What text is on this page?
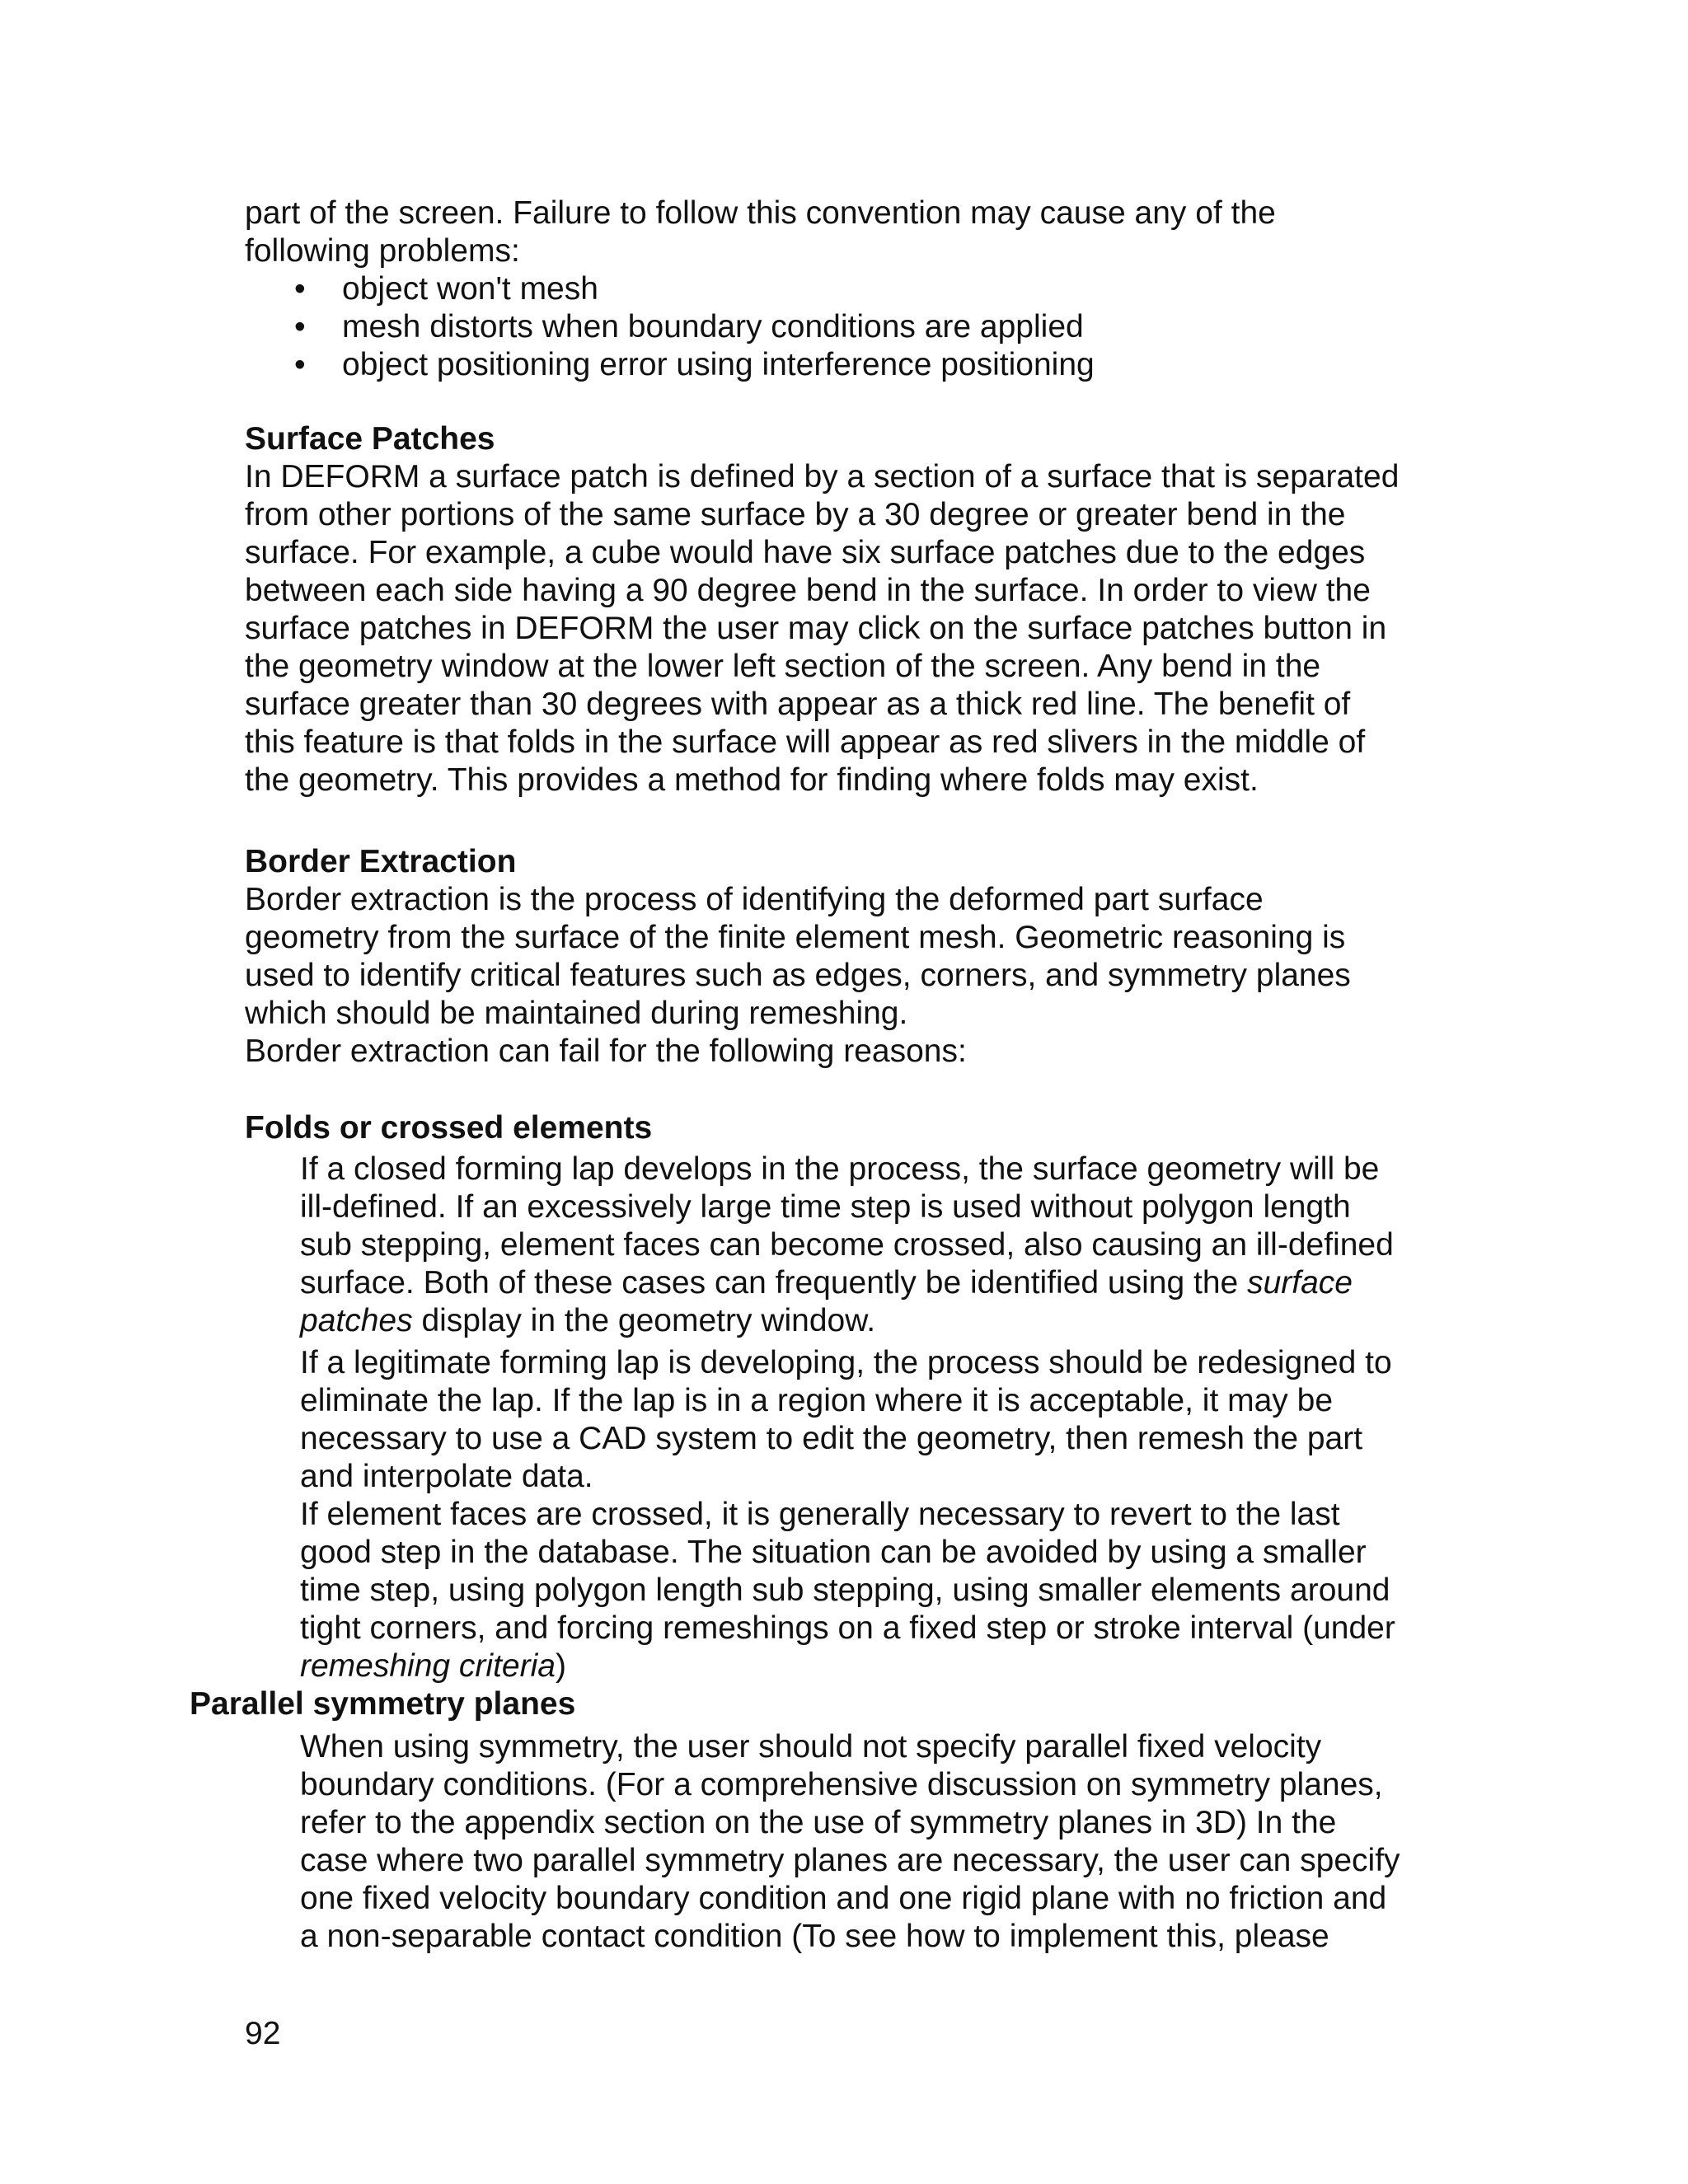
part of the screen. Failure to follow this convention may cause any of the
following problems:
• object won't mesh
• mesh distorts when boundary conditions are applied
• object positioning error using interference positioning
Surface Patches
In DEFORM a surface patch is defined by a section of a surface that is separated
from other portions of the same surface by a 30 degree or greater bend in the
surface. For example, a cube would have six surface patches due to the edges
between each side having a 90 degree bend in the surface. In order to view the
surface patches in DEFORM the user may click on the surface patches button in
the geometry window at the lower left section of the screen. Any bend in the
surface greater than 30 degrees with appear as a thick red line. The benefit of
this feature is that folds in the surface will appear as red slivers in the middle of
the geometry. This provides a method for finding where folds may exist.
Border Extraction
Border extraction is the process of identifying the deformed part surface
geometry from the surface of the finite element mesh. Geometric reasoning is
used to identify critical features such as edges, corners, and symmetry planes
which should be maintained during remeshing.
Border extraction can fail for the following reasons:
Folds or crossed elements
If a closed forming lap develops in the process, the surface geometry will be
ill-defined. If an excessively large time step is used without polygon length
sub stepping, element faces can become crossed, also causing an ill-defined
surface. Both of these cases can frequently be identified using the surface
patches display in the geometry window.
If a legitimate forming lap is developing, the process should be redesigned to
eliminate the lap. If the lap is in a region where it is acceptable, it may be
necessary to use a CAD system to edit the geometry, then remesh the part
and interpolate data.
If element faces are crossed, it is generally necessary to revert to the last
good step in the database. The situation can be avoided by using a smaller
time step, using polygon length sub stepping, using smaller elements around
tight corners, and forcing remeshings on a fixed step or stroke interval (under
remeshing criteria)
Parallel symmetry planes
When using symmetry, the user should not specify parallel fixed velocity
boundary conditions. (For a comprehensive discussion on symmetry planes,
refer to the appendix section on the use of symmetry planes in 3D) In the
case where two parallel symmetry planes are necessary, the user can specify
one fixed velocity boundary condition and one rigid plane with no friction and
a non-separable contact condition (To see how to implement this, please
92
